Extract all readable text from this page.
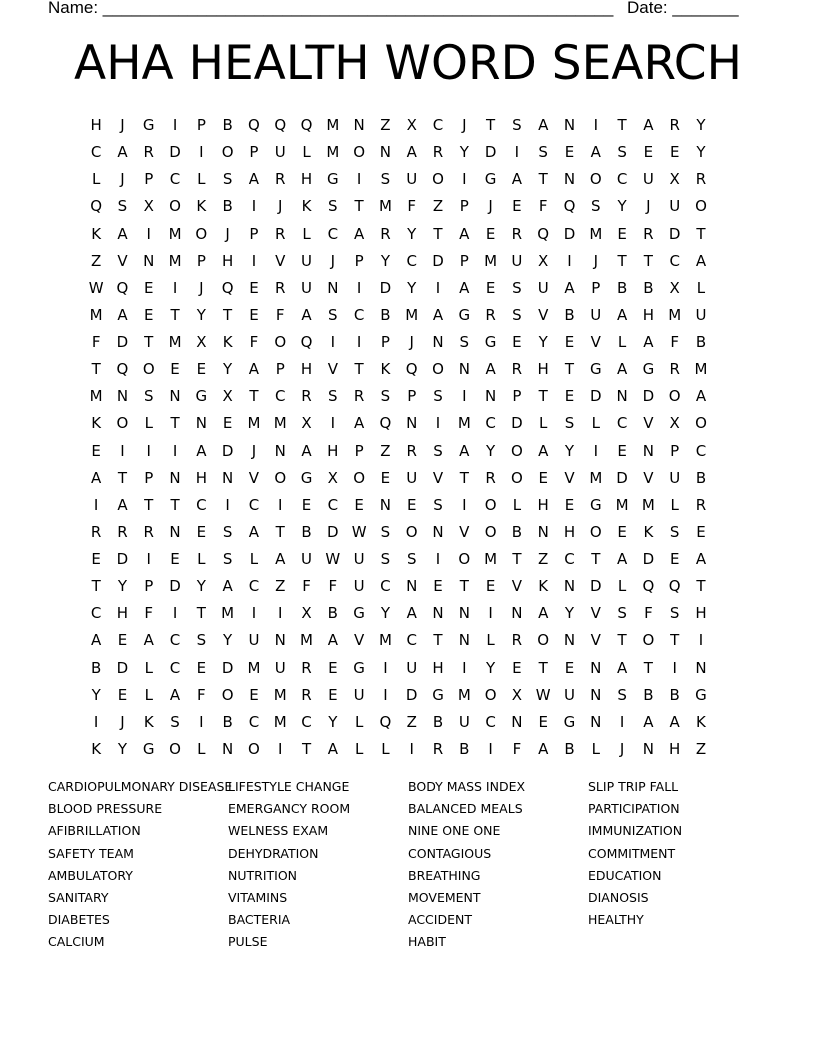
Name: ______________________________________________________ Date: _______
AHA HEALTH WORD SEARCH
H	J	G	I	P	B	Q Q Q M N	Z	X	C	J	T	S	A	N	I	T	A	R	Y
C	A	R	D	I	O	P	U	L	M O N	A	R	Y	D	I	S	E	A	S	E	E	Y
L	J	P	C	L	S	A	R	H G	I	S	U O	I	G	A	T	N O	C	U	X	R
Q	S	X	O	K	B	I	J	K	S	T	M	F	Z	P	J	E	F	Q	S	Y	J	U O
K	A	I	M O	J	P	R	L	C	A	R	Y	T	A	E	R	Q D M	E	R	D	T
Z	V	N M	P	H	I	V	U	J	P	Y	C	D	P	M U	X	I	J	T	T	C	A
W Q	E	I	J	Q	E	R	U	N	I	D	Y	I	A	E	S	U	A	P	B	B	X	L
M A	E	T	Y	T	E	F	A	S	C	B M A	G	R	S	V	B	U	A	H M U
F	D	T	M X	K	F	O Q	I	I	P	J	N	S	G	E	Y	E	V	L	A	F	B
T	Q O	E	E	Y	A	P	H	V	T	K	Q O N	A	R	H	T	G	A	G	R M
M N	S	N G	X	T	C	R	S	R	S	P	S	I	N	P	T	E	D N D O	A
K	O	L	T	N	E	M M X	I	A	Q N	I	M C	D	L	S	L	C	V	X	O
E	I	I	I	A	D	J	N	A	H	P	Z	R	S	A	Y	O	A	Y	I	E	N	P	C
A	T	P	N	H	N	V	O G	X	O	E	U	V	T	R	O	E	V M D	V	U	B
I	A	T	T	C	I	C	I	E	C	E	N	E	S	I	O	L	H	E	G M M	L	R
R	R	R	N	E	S	A	T	B	D W S	O N	V	O	B	N	H O	E	K	S	E
E	D	I	E	L	S	L	A	U W U	S	S	I	O M	T	Z	C	T	A	D	E	A
T	Y	P	D	Y	A	C	Z	F	F	U	C	N	E	T	E	V	K	N D	L	Q Q	T
C	H	F	I	T	M	I	I	X	B	G	Y	A	N	N	I	N	A	Y	V	S	F	S	H
A	E	A	C	S	Y	U	N M A	V M C	T	N	L	R	O N	V	T	O	T	I
B	D	L	C	E	D M U	R	E	G	I	U	H	I	Y	E	T	E	N	A	T	I	N
Y	E	L	A	F	O	E	M R	E	U	I	D G M O	X W U	N	S	B	B	G
I	J	K	S	I	B	C M C	Y	L	Q	Z	B	U	C	N	E	G N	I	A	A	K
K	Y	G O	L	N O	I	T	A	L	L	I	R	B	I	F	A	B	L	J	N	H	Z
CARDIOPULMONARY DISEASE
BLOOD PRESSURE
AFIBRILLATION
SAFETY TEAM
AMBULATORY
SANITARY
DIABETES
CALCIUM
LIFESTYLE CHANGE
EMERGANCY ROOM
WELNESS EXAM
DEHYDRATION
NUTRITION
VITAMINS
BACTERIA
PULSE
BODY MASS INDEX
BALANCED MEALS
NINE ONE ONE
CONTAGIOUS
BREATHING
MOVEMENT
ACCIDENT
HABIT
SLIP TRIP FALL
PARTICIPATION
IMMUNIZATION
COMMITMENT
EDUCATION
DIANOSIS
HEALTHY
